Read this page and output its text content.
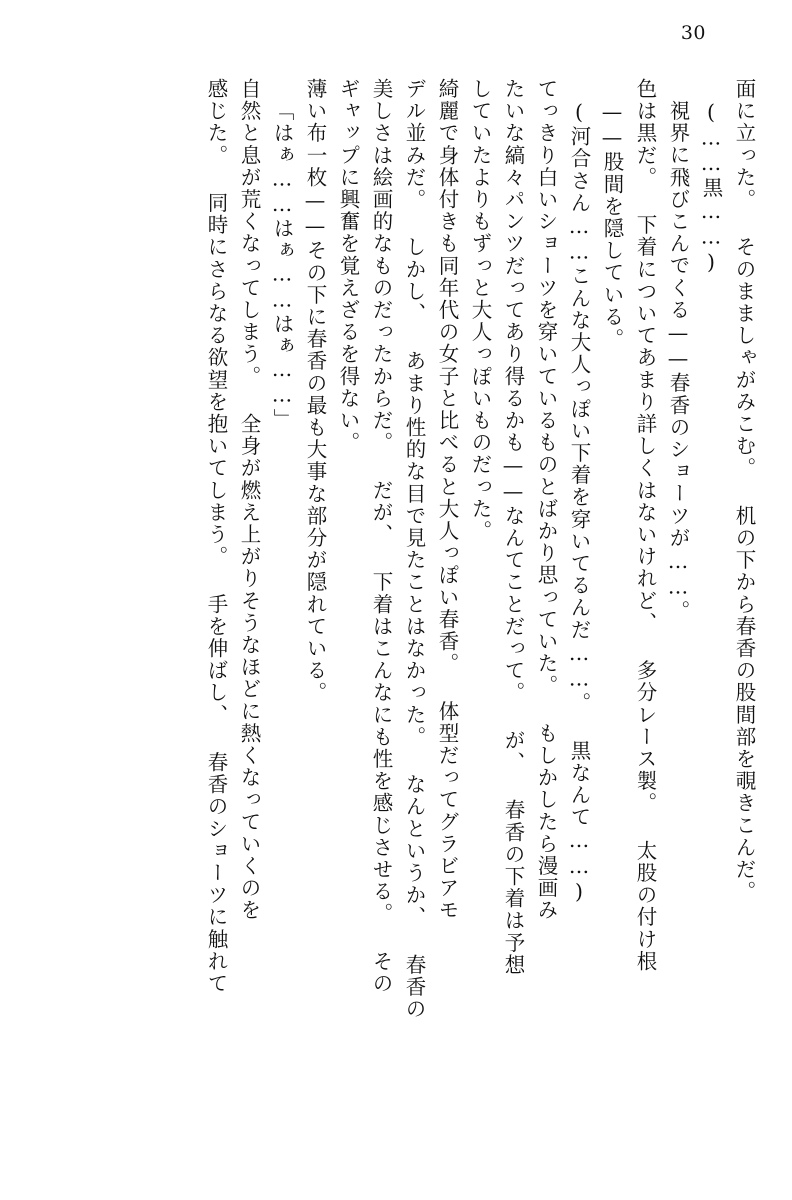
30
面に立った。 そのまましゃがみこむ。 机の下から春香の股間部を覗きこんだ。
(……黒……)
視界に飛びこんでくる——春香のショーツが……。
色は黒だ。 下着についてあまり詳しくはないけれど、 多分レース製。 太股の付け根
——股間を隠している。
(河合さん……こんな大人っぽい下着を穿いてるんだ……。 黒なんて……)
てっきり白いショーツを穿いているものとばかり思っていた。 もしかしたら漫画み
たいな縞々パンツだってあり得るかも——なんてことだって。 が、 春香の下着は予想
していたよりもずっと大人っぽいものだった。
綺麗で身体付きも同年代の女子と比べると大人っぽい春香。 体型だってグラビアモ
デル並みだ。 しかし、 あまり性的な目で見たことはなかった。 なんというか、 春香の
美しさは絵画的なものだったからだ。 だが、 下着はこんなにも性を感じさせる。 その
ギャップに興奮を覚えざるを得ない。
薄い布一枚——その下に春香の最も大事な部分が隠れている。
「はぁ……はぁ……はぁ……」
自然と息が荒くなってしまう。 全身が燃え上がりそうなほどに熱くなっていくのを
感じた。 同時にさらなる欲望を抱いてしまう。 手を伸ばし、 春香のショーツに触れて
